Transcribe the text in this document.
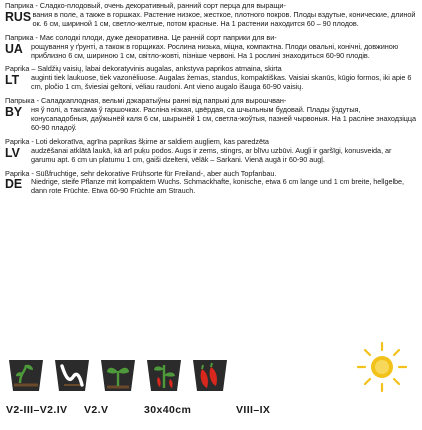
Паприка - Сладко-плодовый, очень декоративный, ранний сорт перца для выращи-

RUS вания в поле, а также в горшках. Растение низкое, жесткое, плотного покров. Плоды вздутые, конические, длиной ок. 6 см, шириной 1 см, светло-желтые, потом красные. На 1 растении находится 60 – 90 плодов.

Паприка - Має солодкі плоди, дуже декоративна. Це ранній сорт паприки для ви-

UA	рощування у ґрунті, а також в горщиках. Рослина низька, міцна, компактна. Плоди овальні, конічні, довжиною приблизно 6 см, шириною 1 см, світло-жовті, пізніше червоні. На 1 рослині знаходиться 60-90 плодів.

Paprika – Saldžių vaisių, labai dekoratyvinis augalas, ankstyva paprikos atmaina, skirta

LT	auginti tiek laukuose, tiek vazonėliuose. Augalas žemas, standus, kompaktiškas. Vaisiai skanūs, kūgio formos, iki apie 6 cm, pločio 1 cm, šviesiai geltoni, vėliau raudoni. Ant vieno augalo išauga 60-90 vaisių.

Папрыка - Саладкаплодная, вельмі дэкаратыўны ранні від папрыкі для вырошчван-

BY	ня ў полі, а таксама ў гаршочках. Расліна нізкая, цвёрдая, са шчыльным будовай. Плады ўздутыя, конусападобныя, даўжынёй каля 6 см, шырынёй 1 см, светла-жоўтыя, пазней чырвоныя. На 1 расліне знаходзіцца 60-90 пладоў.

Paprika - Loti dekoratīva, agrīna paprikas šķirne ar saldiem augļiem, kas paredzēta

LV	audzēšanai atklātā laukā, kā arī puķu podos. Augs ir zems, stingrs, ar blīvu uzbūvi. Augļi ir garšīgi, konusveida, ar garumu apt. 6 cm un platumu 1 cm, gaiši dzelteni, vēlāk – Sarkani. Vienā augā ir 60-90 augļ.

Paprika - Süßfruchtige, sehr dekorative Frühsorte für Freiland-, aber auch Topfanbau.

DE	Niedrige, steife Pflanze mit kompaktem Wuchs. Schmackhafte, konische, etwa 6 cm lange und 1 cm breite, hellgelbe, dann rote Früchte. Etwa 60-90 Früchte am Strauch.

V2-III–V2.IV	V2.V	30x40cm	VIII–IX
